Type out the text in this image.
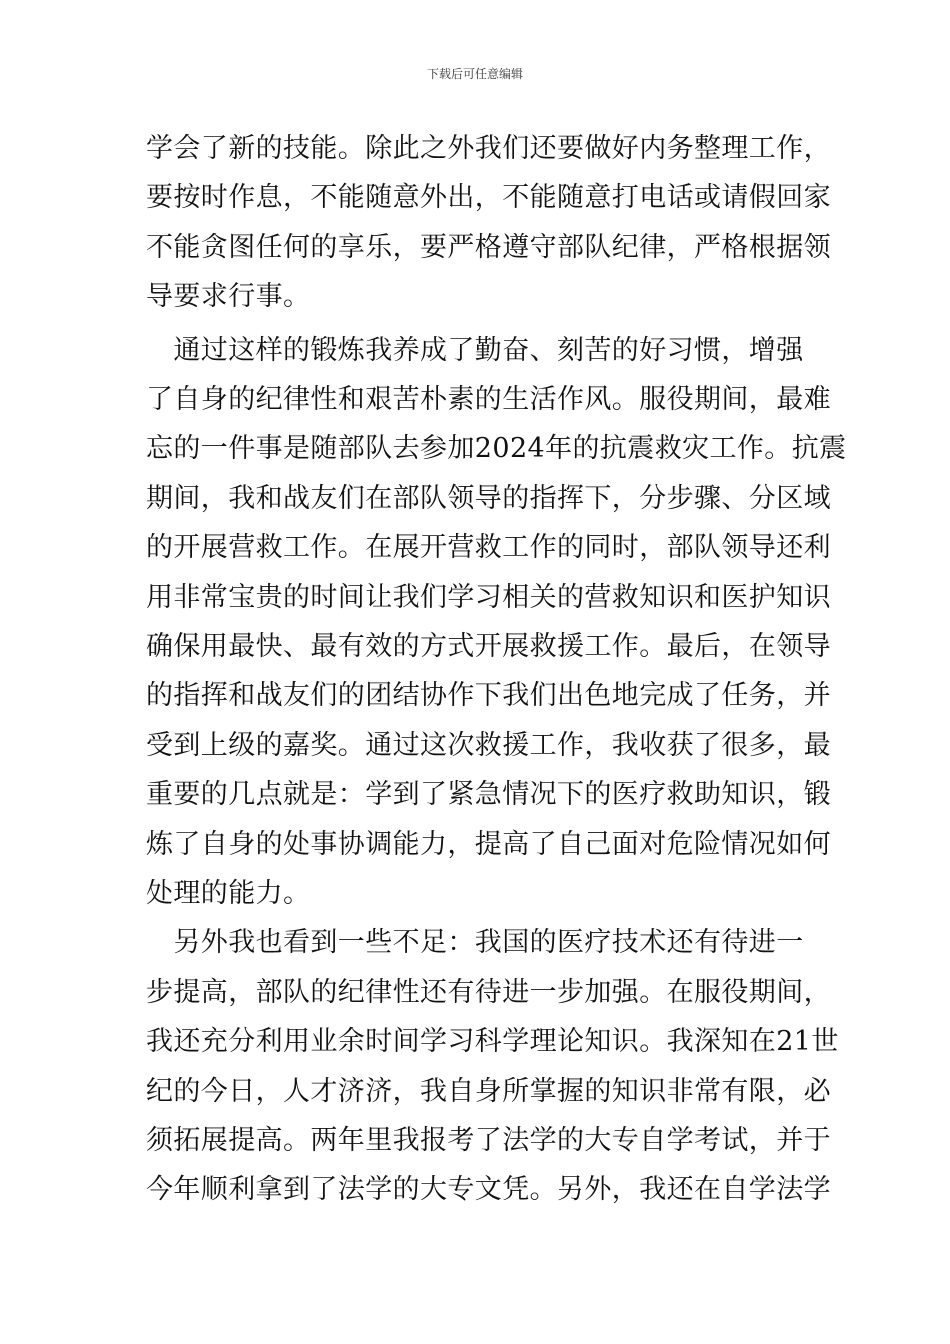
下载后可任意编辑
学会了新的技能。除此之外我们还要做好内务整理工作，
要按时作息，不能随意外出，不能随意打电话或请假回家
不能贪图任何的享乐，要严格遵守部队纪律，严格根据领
导要求行事。
　通过这样的锻炼我养成了勤奋、刻苦的好习惯，增强
了自身的纪律性和艰苦朴素的生活作风。服役期间，最难
忘的一件事是随部队去参加2024年的抗震救灾工作。抗震
期间，我和战友们在部队领导的指挥下，分步骤、分区域
的开展营救工作。在展开营救工作的同时，部队领导还利
用非常宝贵的时间让我们学习相关的营救知识和医护知识
确保用最快、最有效的方式开展救援工作。最后，在领导
的指挥和战友们的团结协作下我们出色地完成了任务，并
受到上级的嘉奖。通过这次救援工作，我收获了很多，最
重要的几点就是：学到了紧急情况下的医疗救助知识，锻
炼了自身的处事协调能力，提高了自己面对危险情况如何
处理的能力。
　另外我也看到一些不足：我国的医疗技术还有待进一
步提高，部队的纪律性还有待进一步加强。在服役期间，
我还充分利用业余时间学习科学理论知识。我深知在21世
纪的今日，人才济济，我自身所掌握的知识非常有限，必
须拓展提高。两年里我报考了法学的大专自学考试，并于
今年顺利拿到了法学的大专文凭。另外，我还在自学法学
